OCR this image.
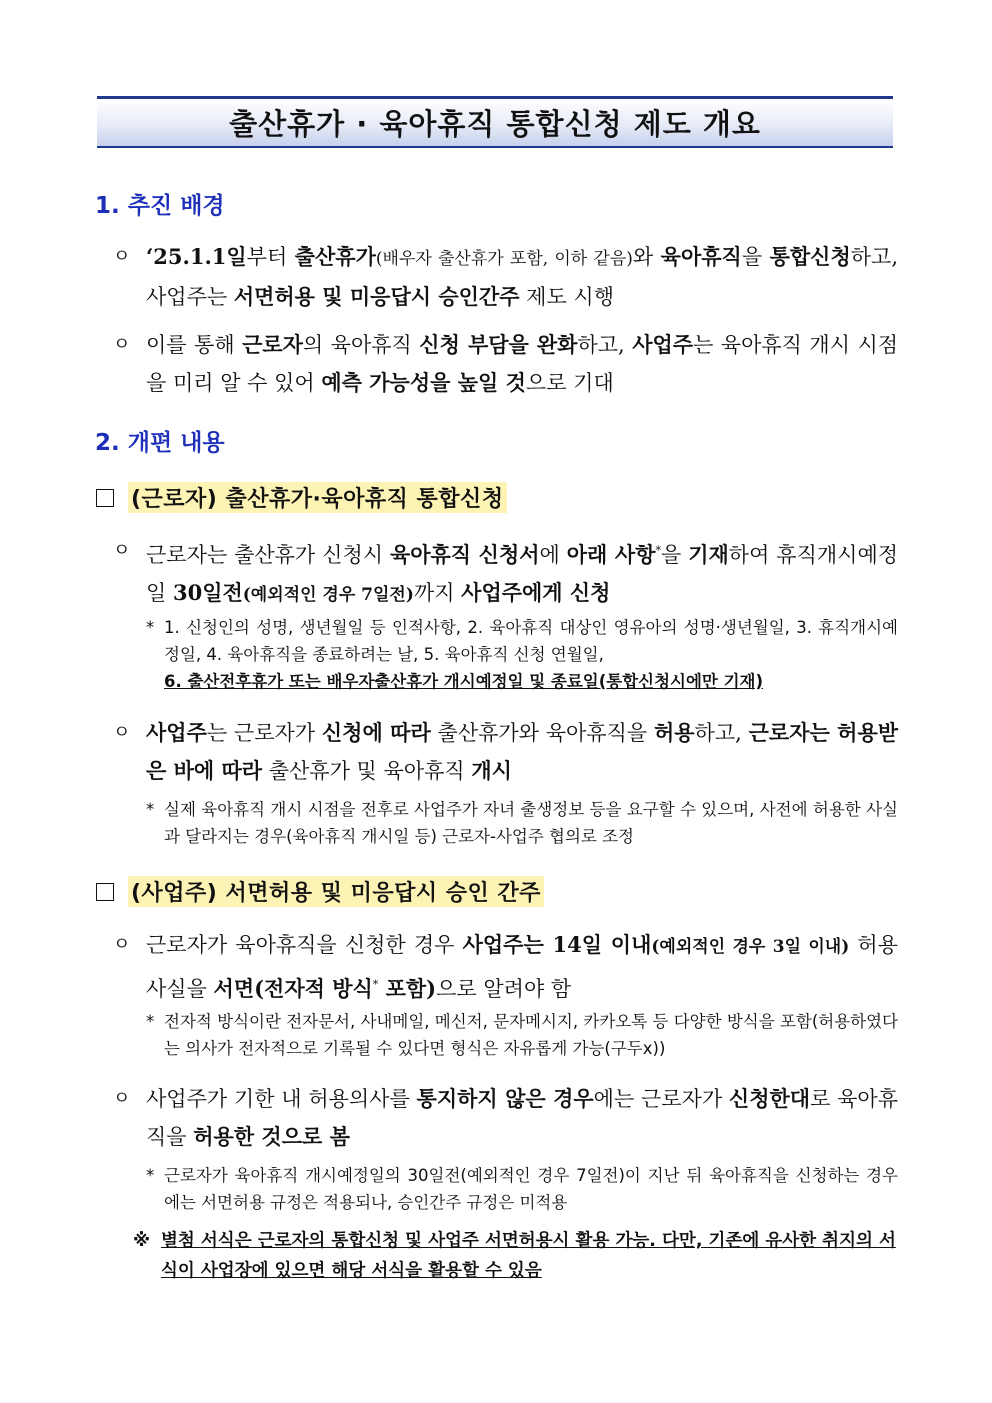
출산휴가 · 육아휴직 통합신청 제도 개요
1. 추진 배경
ㅇ ‘25.1.1일부터 출산휴가(배우자 출산휴가 포함, 이하 같음)와 육아휴직을 통합신청하고, 사업주는 서면허용 및 미응답시 승인간주 제도 시행
ㅇ 이를 통해 근로자의 육아휴직 신청 부담을 완화하고, 사업주는 육아휴직 개시 시점을 미리 알 수 있어 예측 가능성을 높일 것으로 기대
2. 개편 내용
(근로자) 출산휴가·육아휴직 통합신청
ㅇ 근로자는 출산휴가 신청시 육아휴직 신청서에 아래 사항*을 기재하여 휴직개시예정일 30일전(예외적인 경우 7일전)까지 사업주에게 신청
* 1. 신청인의 성명, 생년월일 등 인적사항, 2. 육아휴직 대상인 영유아의 성명·생년월일, 3. 휴직개시예정일, 4. 육아휴직을 종료하려는 날, 5. 육아휴직 신청 연월일,
6. 출산전후휴가 또는 배우자출산휴가 개시예정일 및 종료일(통합신청시에만 기재)
ㅇ 사업주는 근로자가 신청에 따라 출산휴가와 육아휴직을 허용하고, 근로자는 허용받은 바에 따라 출산휴가 및 육아휴직 개시
* 실제 육아휴직 개시 시점을 전후로 사업주가 자녀 출생정보 등을 요구할 수 있으며, 사전에 허용한 사실과 달라지는 경우(육아휴직 개시일 등) 근로자-사업주 협의로 조정
(사업주) 서면허용 및 미응답시 승인 간주
ㅇ 근로자가 육아휴직을 신청한 경우 사업주는 14일 이내(예외적인 경우 3일 이내) 허용사실을 서면(전자적 방식* 포함)으로 알려야 함
* 전자적 방식이란 전자문서, 사내메일, 메신저, 문자메시지, 카카오톡 등 다양한 방식을 포함(허용하였다는 의사가 전자적으로 기록될 수 있다면 형식은 자유롭게 가능(구두x))
ㅇ 사업주가 기한 내 허용의사를 통지하지 않은 경우에는 근로자가 신청한대로 육아휴직을 허용한 것으로 봄
* 근로자가 육아휴직 개시예정일의 30일전(예외적인 경우 7일전)이 지난 뒤 육아휴직을 신청하는 경우에는 서면허용 규정은 적용되나, 승인간주 규정은 미적용
※ 별첨 서식은 근로자의 통합신청 및 사업주 서면허용시 활용 가능. 다만, 기존에 유사한 취지의 서식이 사업장에 있으면 해당 서식을 활용할 수 있음
